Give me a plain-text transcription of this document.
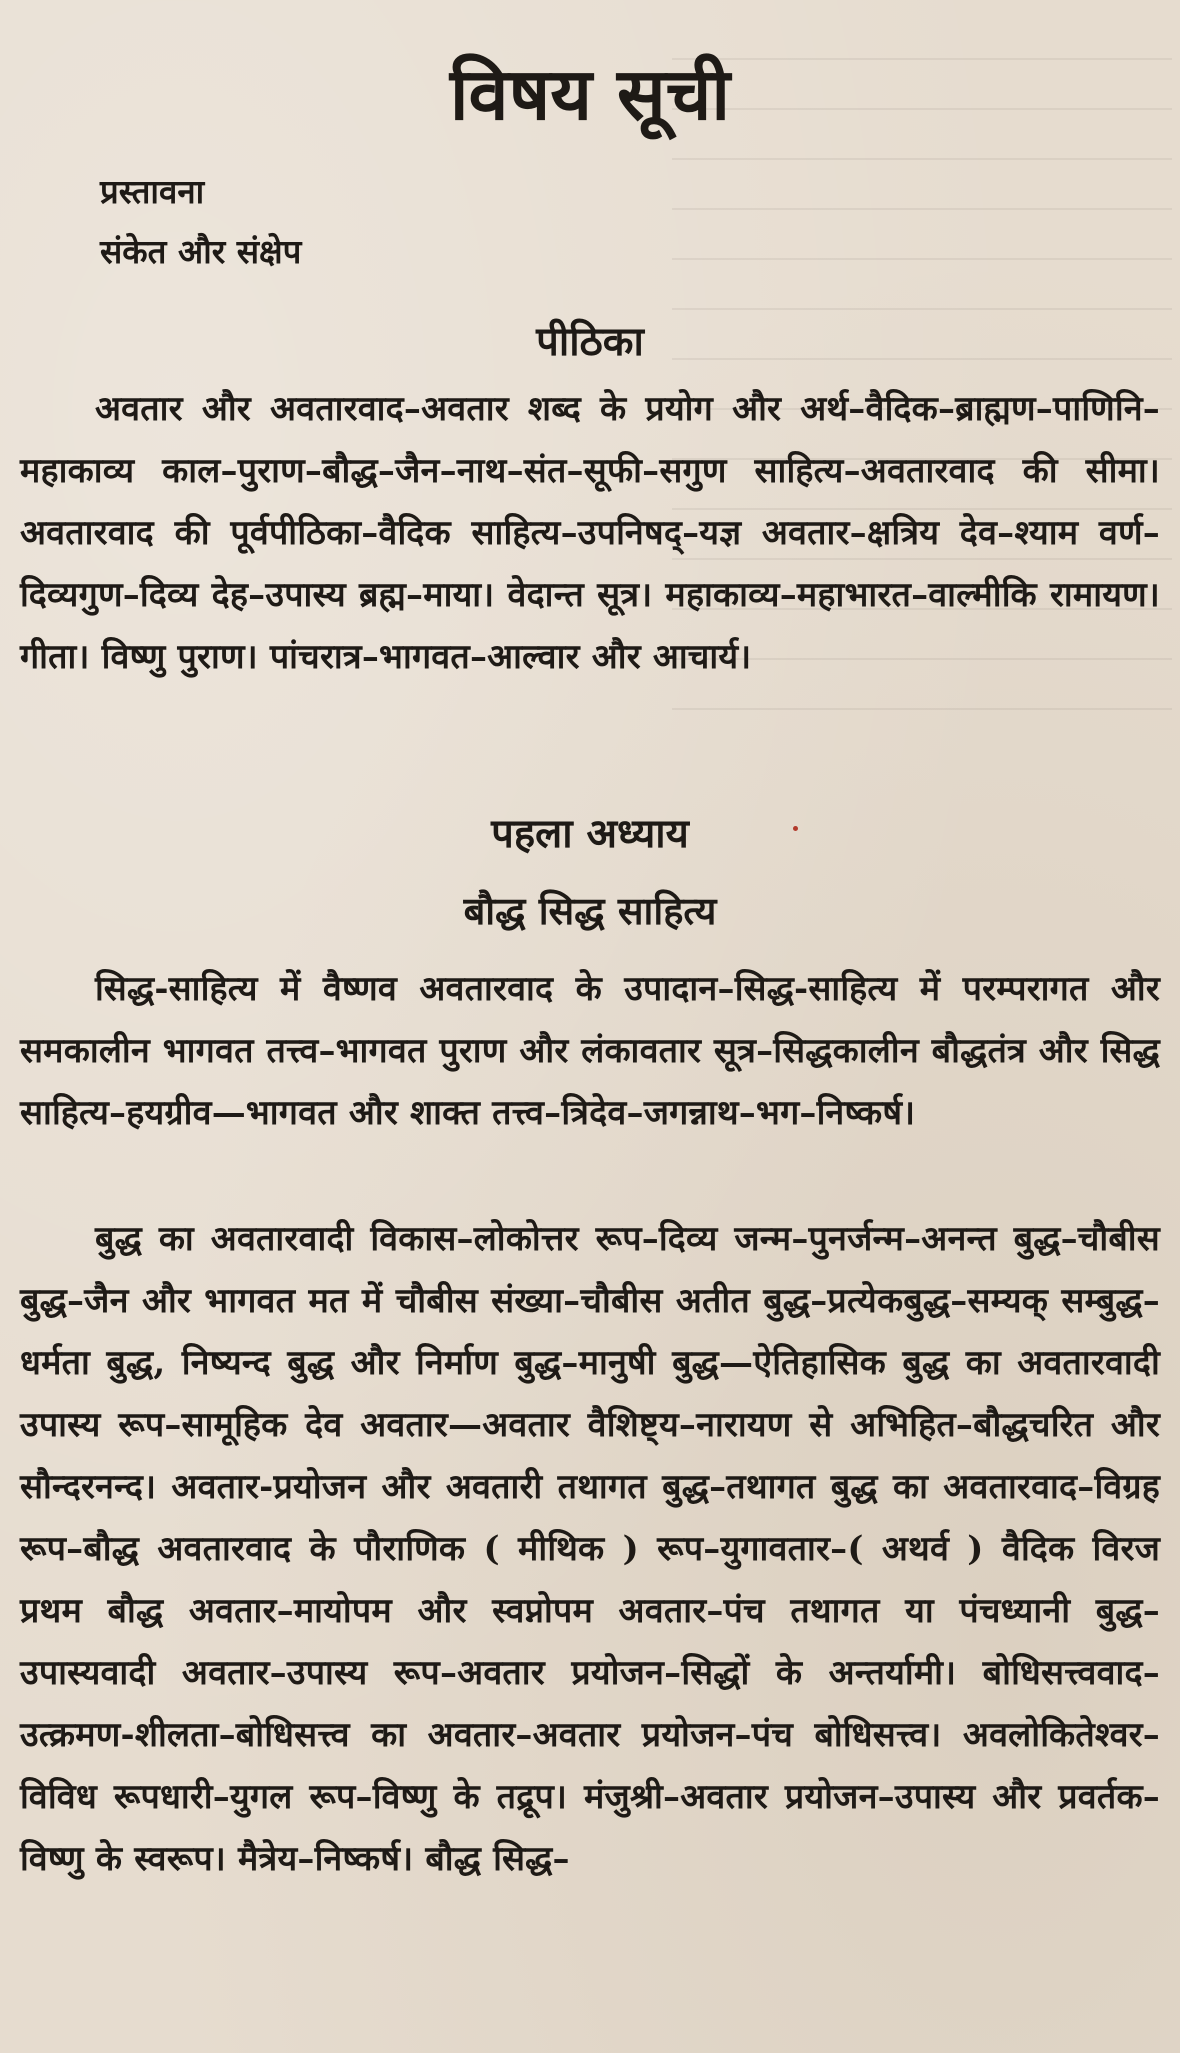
विषय सूची
प्रस्तावना
संकेत और संक्षेप
पीठिका
अवतार और अवतारवाद–अवतार शब्द के प्रयोग और अर्थ–वैदिक–ब्राह्मण–पाणिनि–महाकाव्य काल–पुराण–बौद्ध–जैन–नाथ–संत–सूफी–सगुण साहित्य–अवतारवाद की सीमा। अवतारवाद की पूर्वपीठिका–वैदिक साहित्य–उपनिषद्–यज्ञ अवतार–क्षत्रिय देव–श्याम वर्ण–दिव्यगुण–दिव्य देह–उपास्य ब्रह्म–माया। वेदान्त सूत्र। महाकाव्य–महाभारत–वाल्मीकि रामायण। गीता। विष्णु पुराण। पांचरात्र–भागवत–आल्वार और आचार्य।
पहला अध्याय
बौद्ध सिद्ध साहित्य
सिद्ध-साहित्य में वैष्णव अवतारवाद के उपादान–सिद्ध-साहित्य में परम्परागत और समकालीन भागवत तत्त्व–भागवत पुराण और लंकावतार सूत्र–सिद्धकालीन बौद्धतंत्र और सिद्ध साहित्य–हयग्रीव—भागवत और शाक्त तत्त्व–त्रिदेव–जगन्नाथ–भग–निष्कर्ष।
बुद्ध का अवतारवादी विकास–लोकोत्तर रूप–दिव्य जन्म–पुनर्जन्म–अनन्त बुद्ध–चौबीस बुद्ध–जैन और भागवत मत में चौबीस संख्या–चौबीस अतीत बुद्ध–प्रत्येकबुद्ध–सम्यक् सम्बुद्ध–धर्मता बुद्ध, निष्यन्द बुद्ध और निर्माण बुद्ध–मानुषी बुद्ध—ऐतिहासिक बुद्ध का अवतारवादी उपास्य रूप–सामूहिक देव अवतार—अवतार वैशिष्ट्य–नारायण से अभिहित–बौद्धचरित और सौन्दरनन्द। अवतार-प्रयोजन और अवतारी तथागत बुद्ध–तथागत बुद्ध का अवतारवाद–विग्रह रूप–बौद्ध अवतारवाद के पौराणिक ( मीथिक ) रूप–युगावतार–( अथर्व ) वैदिक विरज प्रथम बौद्ध अवतार–मायोपम और स्वप्नोपम अवतार–पंच तथागत या पंचध्यानी बुद्ध–उपास्यवादी अवतार–उपास्य रूप–अवतार प्रयोजन–सिद्धों के अन्तर्यामी। बोधिसत्त्ववाद–उत्क्रमण-शीलता–बोधिसत्त्व का अवतार–अवतार प्रयोजन–पंच बोधिसत्त्व। अवलोकितेश्वर–विविध रूपधारी–युगल रूप–विष्णु के तद्रूप। मंजुश्री–अवतार प्रयोजन–उपास्य और प्रवर्तक–विष्णु के स्वरूप। मैत्रेय–निष्कर्ष। बौद्ध सिद्ध–
